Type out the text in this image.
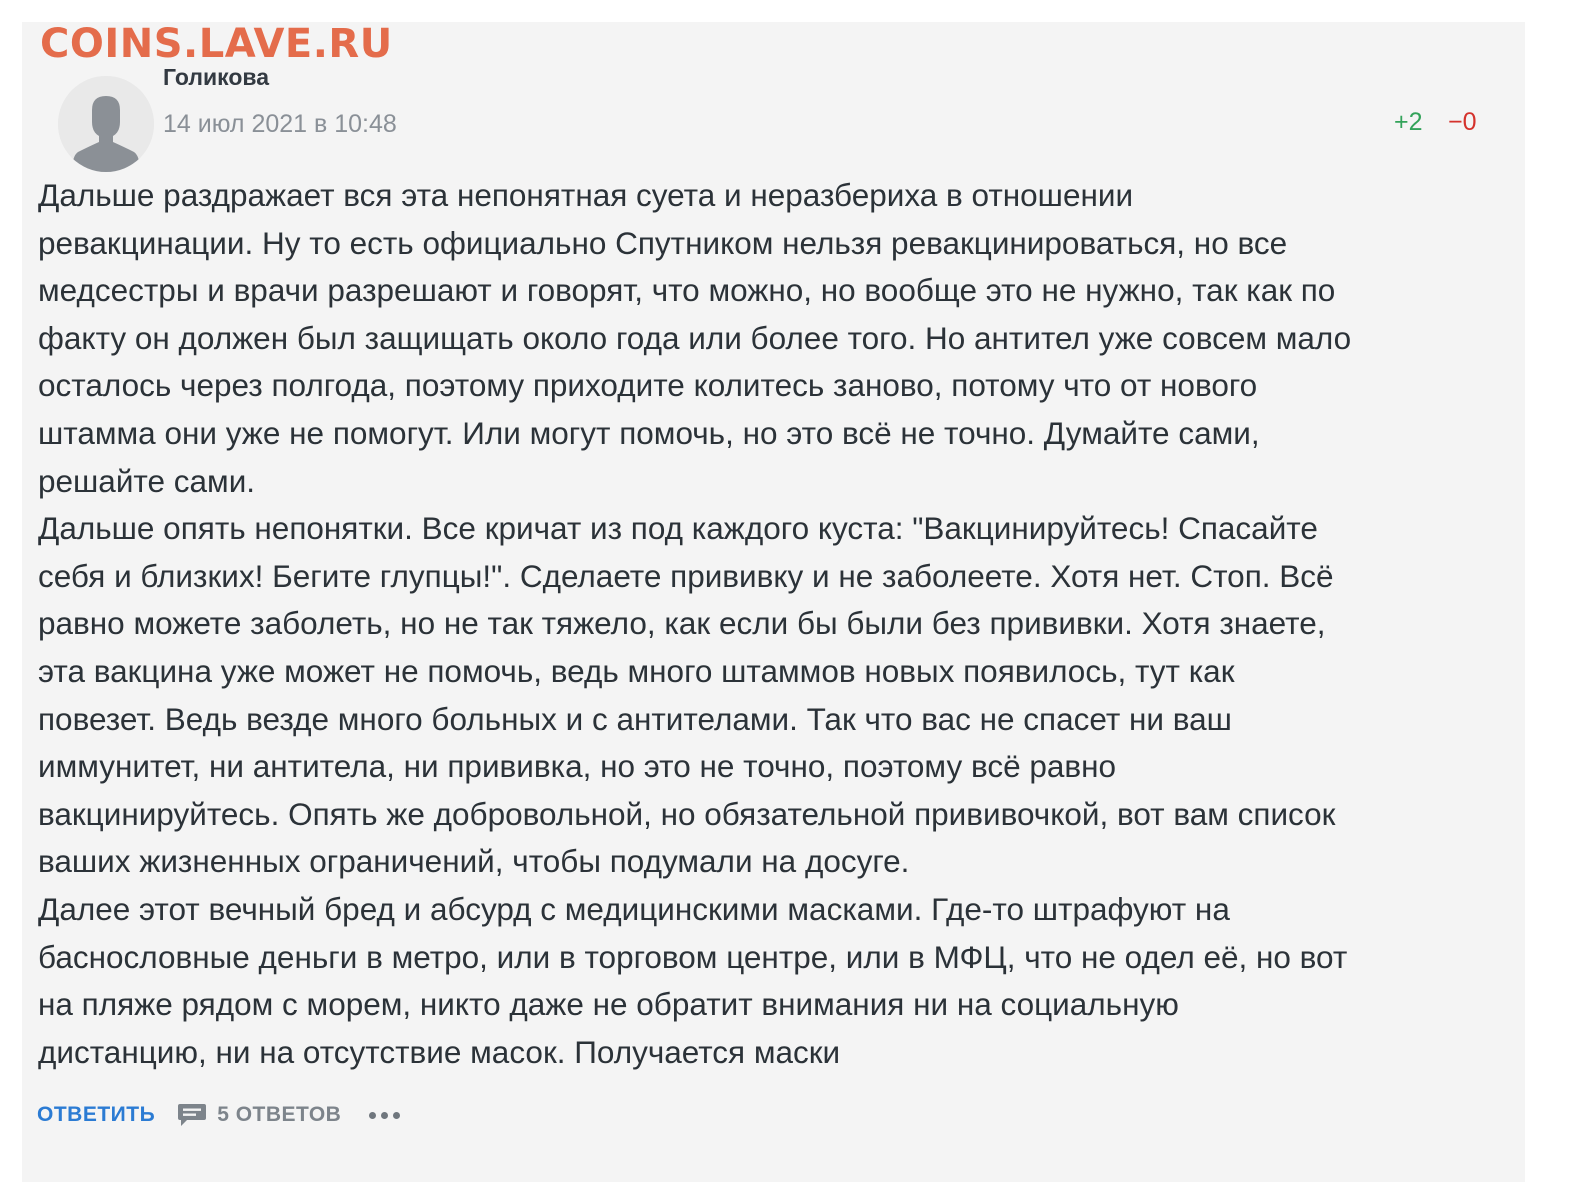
+2 −0
COINS.LAVE.RU
Голикова
14 июл 2021 в 10:48

Дальше раздражает вся эта непонятная суета и неразбериха в отношении

ревакцинации. Ну то есть официально Спутником нельзя ревакцинироваться, но все

медсестры и врачи разрешают и говорят, что можно, но вообще это не нужно, так как по

факту он должен был защищать около года или более того. Но антител уже совсем мало

осталось через полгода, поэтому приходите колитесь заново, потому что от нового

штамма они уже не помогут. Или могут помочь, но это всё не точно. Думайте сами,

решайте сами.

Дальше опять непонятки. Все кричат из под каждого куста: "Вакцинируйтесь! Спасайте

себя и близких! Бегите глупцы!". Сделаете прививку и не заболеете. Хотя нет. Стоп. Всё

равно можете заболеть, но не так тяжело, как если бы были без прививки. Хотя знаете,

эта вакцина уже может не помочь, ведь много штаммов новых появилось, тут как

повезет. Ведь везде много больных и с антителами. Так что вас не спасет ни ваш

иммунитет, ни антитела, ни прививка, но это не точно, поэтому всё равно

вакцинируйтесь. Опять же добровольной, но обязательной прививочкой, вот вам список

ваших жизненных ограничений, чтобы подумали на досуге.

Далее этот вечный бред и абсурд с медицинскими масками. Где-то штрафуют на

баснословные деньги в метро, или в торговом центре, или в МФЦ, что не одел её, но вот

на пляже рядом с морем, никто даже не обратит внимания ни на социальную

дистанцию, ни на отсутствие масок. Получается маски

ОТВЕТИТЬ	5 ОТВЕТОВ
